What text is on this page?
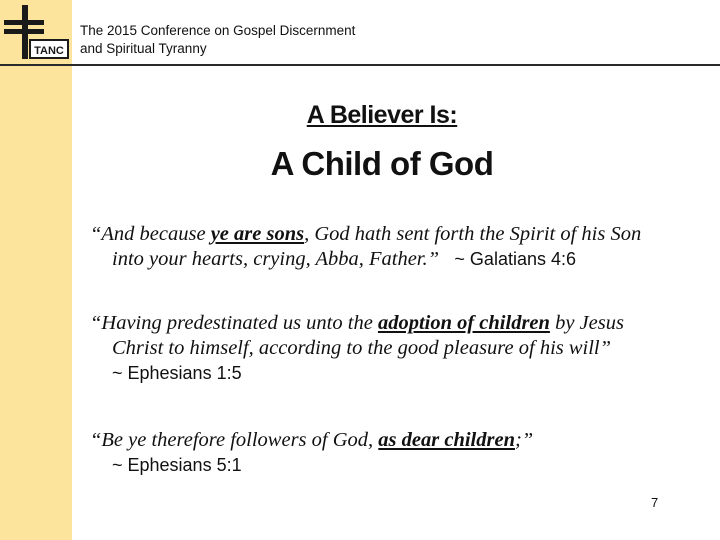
TANC
The 2015 Conference on Gospel Discernment
and Spiritual Tyranny
A Believer Is:
A Child of God
“And because ye are sons, God hath sent forth the Spirit of his Son
into your hearts, crying, Abba, Father.” ~ Galatians 4:6
“Having predestinated us unto the adoption of children by Jesus
Christ to himself, according to the good pleasure of his will”
~ Ephesians 1:5
“Be ye therefore followers of God, as dear children;”
~ Ephesians 5:1
7
